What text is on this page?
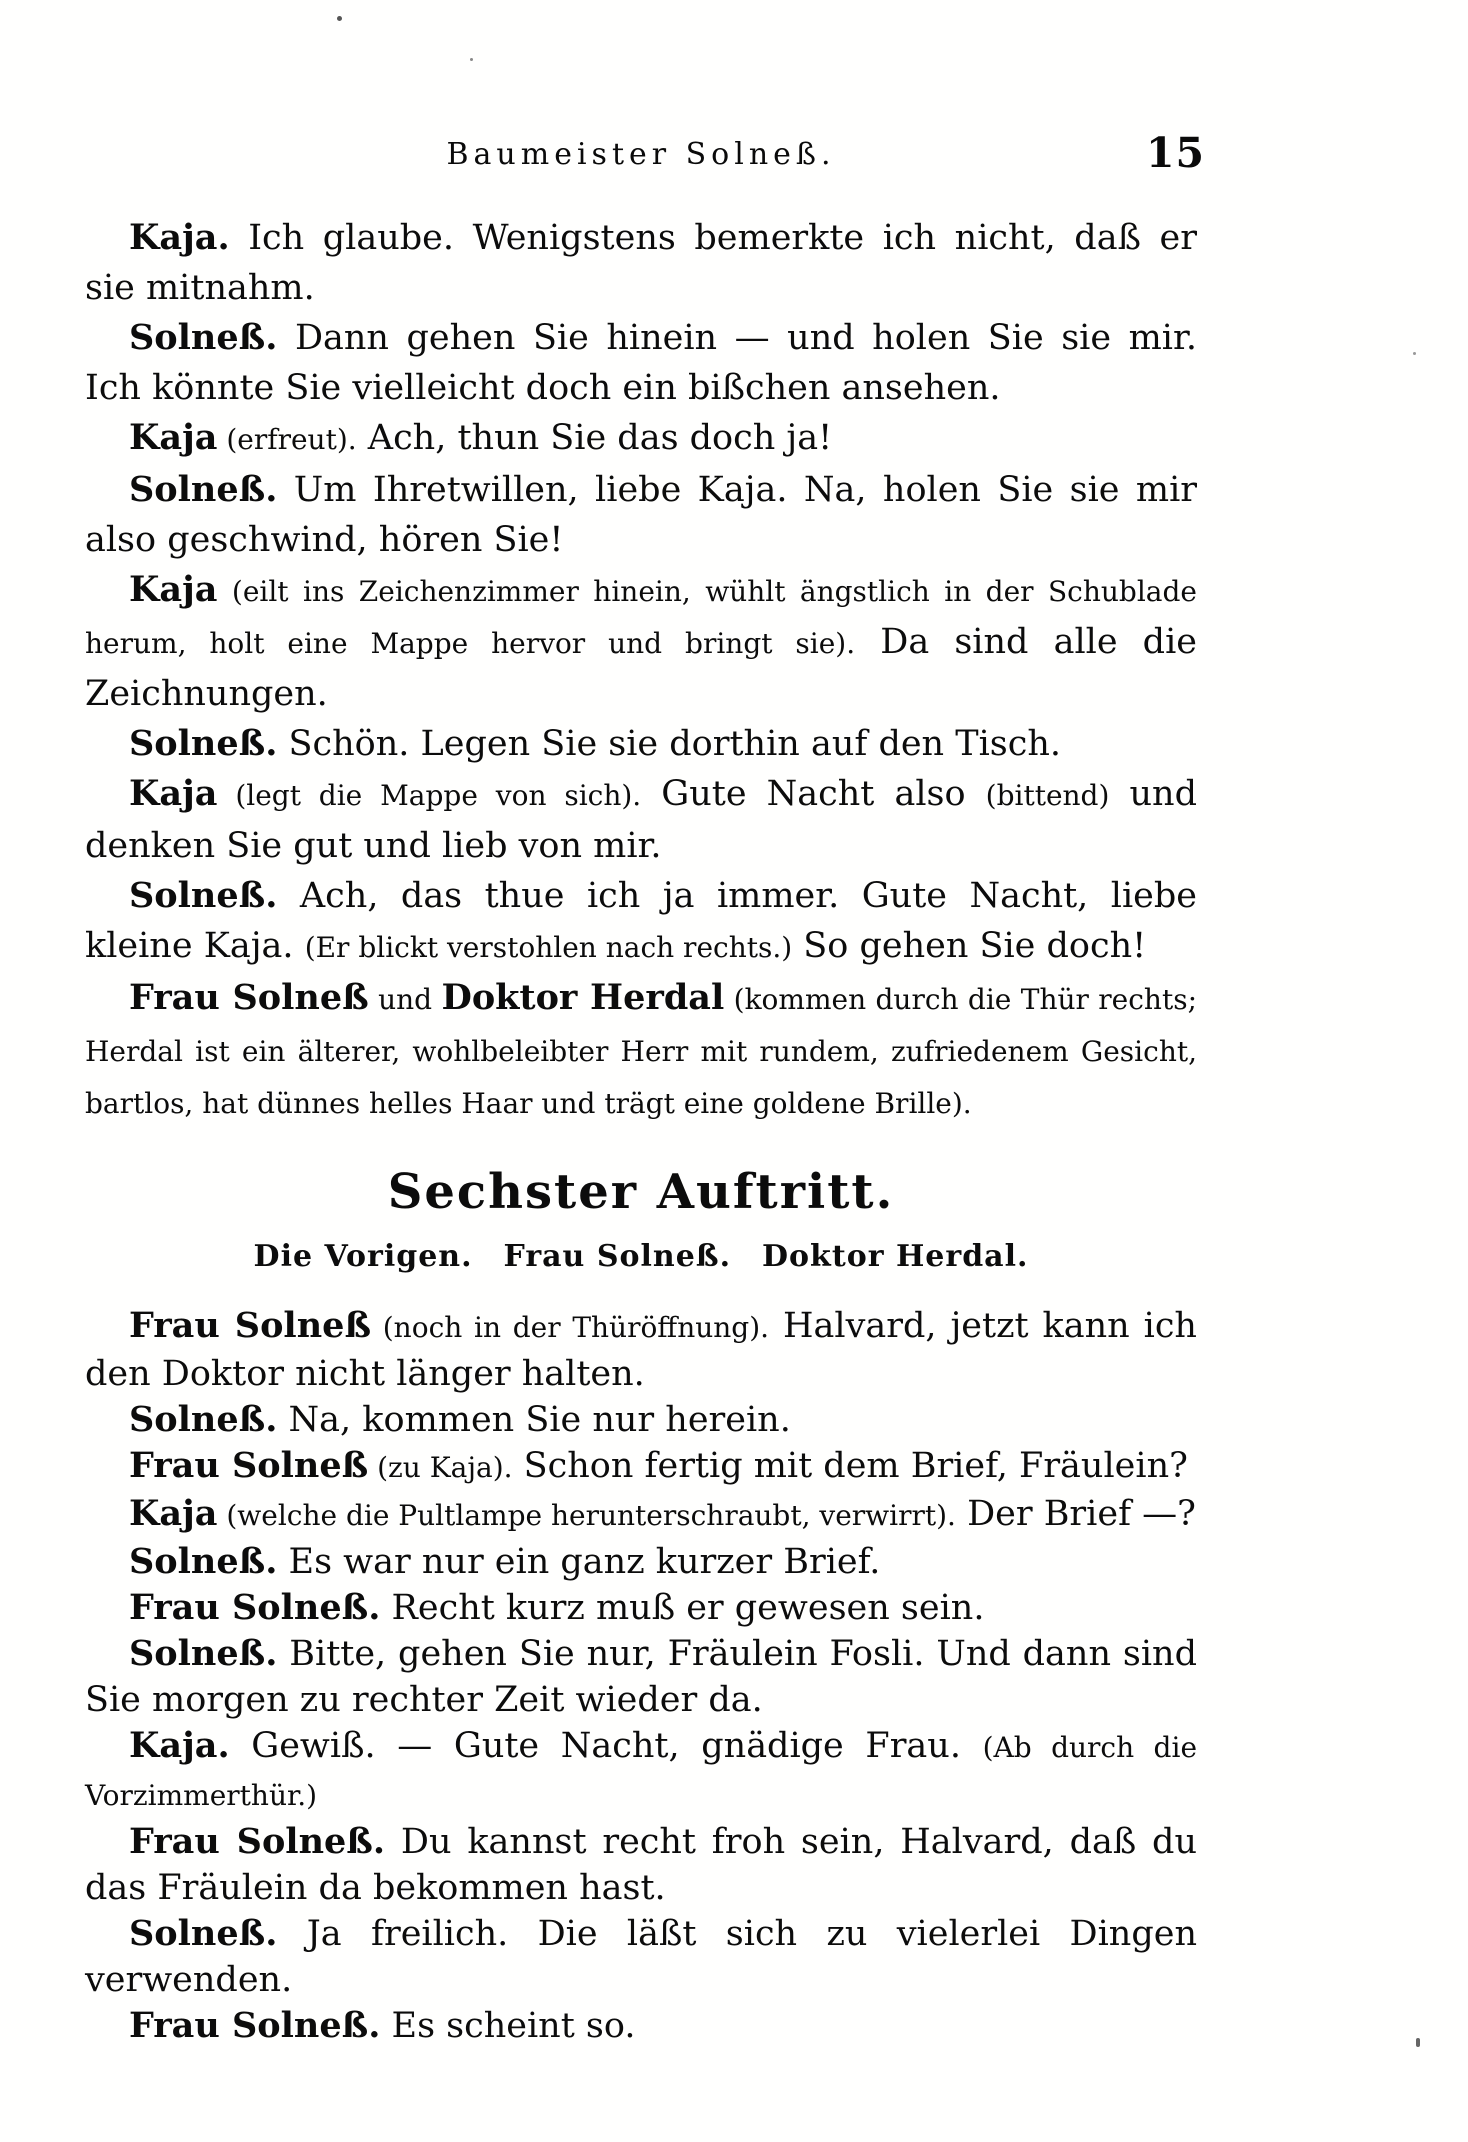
Baumeister Solneß.	15

Kaja. Ich glaube. Wenigstens bemerkte ich nicht, daß er sie mitnahm.

Solneß. Dann gehen Sie hinein — und holen Sie sie mir. Ich könnte Sie vielleicht doch ein bißchen ansehen.

Kaja (erfreut). Ach, thun Sie das doch ja!

Solneß. Um Ihretwillen, liebe Kaja. Na, holen Sie sie mir also geschwind, hören Sie!

Kaja (eilt ins Zeichenzimmer hinein, wühlt ängstlich in der Schublade herum, holt eine Mappe hervor und bringt sie). Da sind alle die Zeichnungen.

Solneß. Schön. Legen Sie sie dorthin auf den Tisch.

Kaja (legt die Mappe von sich). Gute Nacht also (bittend) und denken Sie gut und lieb von mir.

Solneß. Ach, das thue ich ja immer. Gute Nacht, liebe kleine Kaja. (Er blickt verstohlen nach rechts.) So gehen Sie doch!

Frau Solneß und Doktor Herdal (kommen durch die Thür rechts; Herdal ist ein älterer, wohlbeleibter Herr mit rundem, zufriedenem Gesicht, bartlos, hat dünnes helles Haar und trägt eine goldene Brille).

Sechster Auftritt.
Die Vorigen. Frau Solneß. Doktor Herdal.

Frau Solneß (noch in der Thüröffnung). Halvard, jetzt kann ich den Doktor nicht länger halten.

Solneß. Na, kommen Sie nur herein.

Frau Solneß (zu Kaja). Schon fertig mit dem Brief, Fräulein?

Kaja (welche die Pultlampe herunterschraubt, verwirrt). Der Brief —?

Solneß. Es war nur ein ganz kurzer Brief.

Frau Solneß. Recht kurz muß er gewesen sein.

Solneß. Bitte, gehen Sie nur, Fräulein Fosli. Und dann sind Sie morgen zu rechter Zeit wieder da.

Kaja. Gewiß. — Gute Nacht, gnädige Frau. (Ab durch die Vorzimmerthür.)

Frau Solneß. Du kannst recht froh sein, Halvard, daß du das Fräulein da bekommen hast.

Solneß. Ja freilich. Die läßt sich zu vielerlei Dingen verwenden.

Frau Solneß. Es scheint so.
